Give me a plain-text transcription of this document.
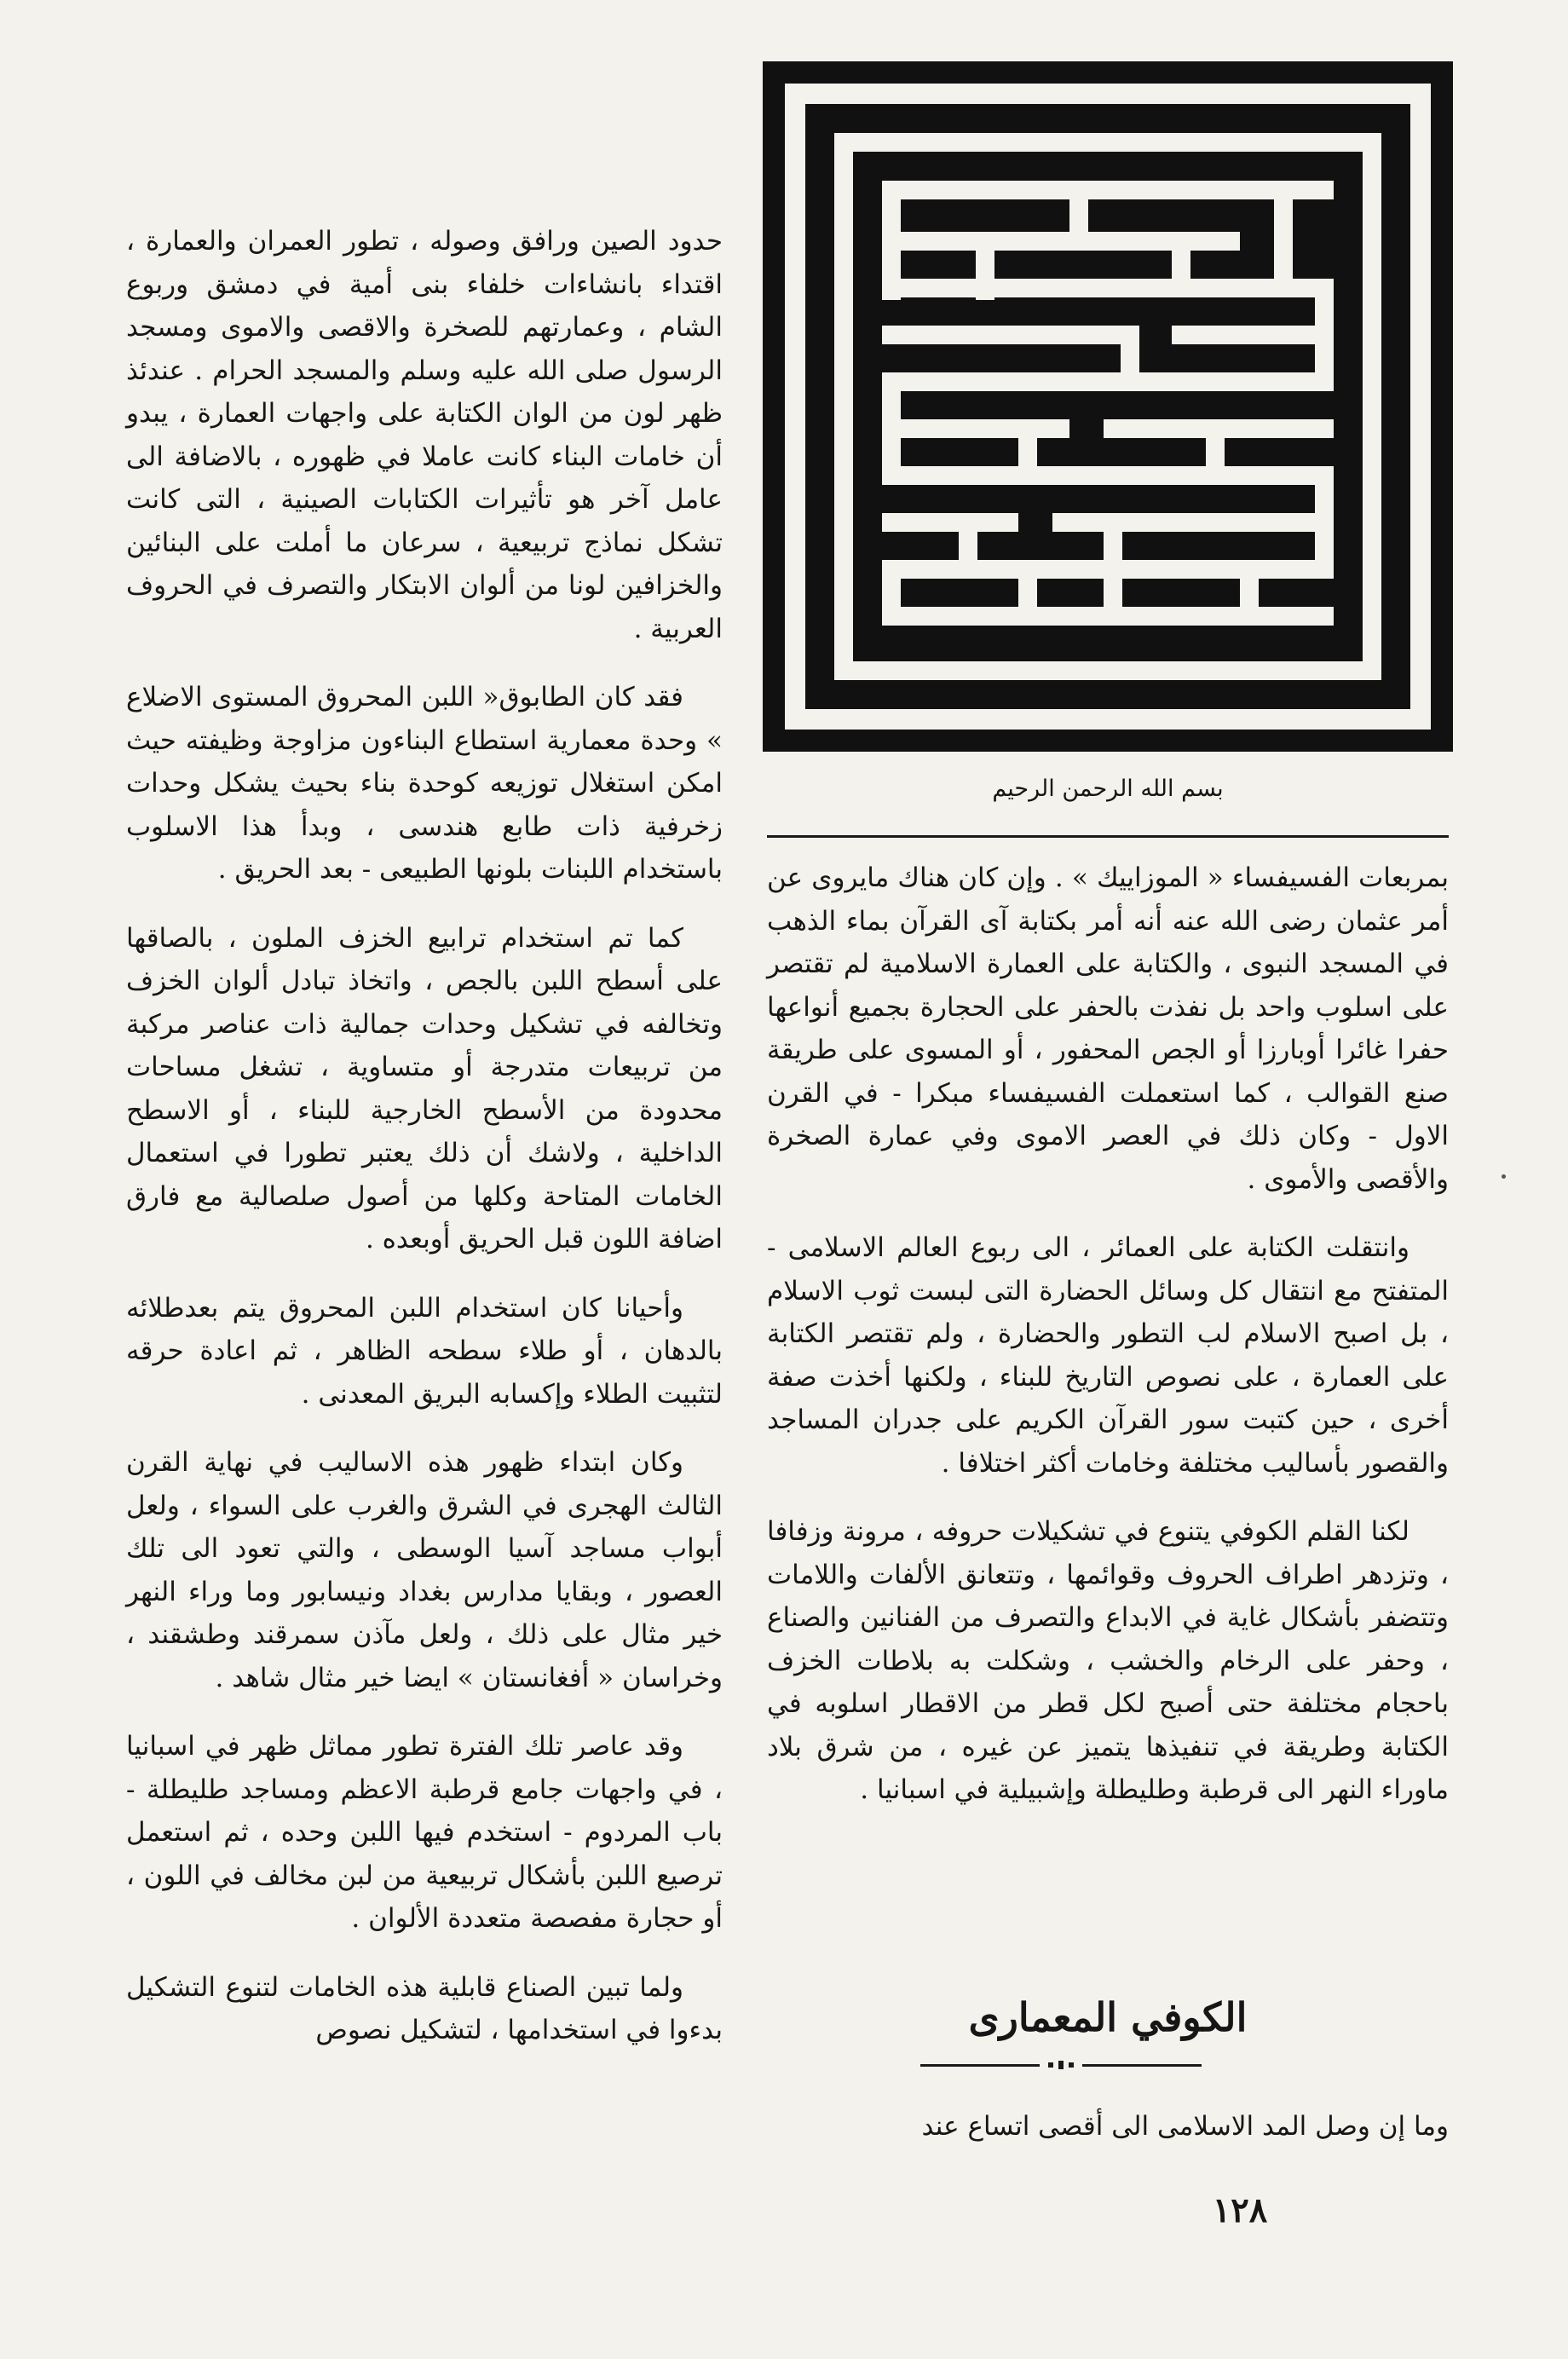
بسم الله الرحمن الرحيم

حدود الصين ورافق وصوله ، تطور العمران والعمارة ، اقتداء بانشاءات خلفاء بنى أمية في دمشق وربوع الشام ، وعمارتهم للصخرة والاقصى والاموى ومسجد الرسول صلى الله عليه وسلم والمسجد الحرام . عندئذ ظهر لون من الوان الكتابة على واجهات العمارة ، يبدو أن خامات البناء كانت عاملا في ظهوره ، بالاضافة الى عامل آخر هو تأثيرات الكتابات الصينية ، التى كانت تشكل نماذج تربيعية ، سرعان ما أملت على البنائين والخزافين لونا من ألوان الابتكار والتصرف في الحروف العربية .

فقد كان الطابوق« اللبن المحروق المستوى الاضلاع » وحدة معمارية استطاع البناءون مزاوجة وظيفته حيث امكن استغلال توزيعه كوحدة بناء بحيث يشكل وحدات زخرفية ذات طابع هندسى ، وبدأ هذا الاسلوب باستخدام اللبنات بلونها الطبيعى - بعد الحريق .

كما تم استخدام ترابيع الخزف الملون ، بالصاقها على أسطح اللبن بالجص ، واتخاذ تبادل ألوان الخزف وتخالفه في تشكيل وحدات جمالية ذات عناصر مركبة من تربيعات متدرجة أو متساوية ، تشغل مساحات محدودة من الأسطح الخارجية للبناء ، أو الاسطح الداخلية ، ولاشك أن ذلك يعتبر تطورا في استعمال الخامات المتاحة وكلها من أصول صلصالية مع فارق اضافة اللون قبل الحريق أوبعده .

وأحيانا كان استخدام اللبن المحروق يتم بعدطلائه بالدهان ، أو طلاء سطحه الظاهر ، ثم اعادة حرقه لتثبيت الطلاء وإكسابه البريق المعدنى .

وكان ابتداء ظهور هذه الاساليب في نهاية القرن الثالث الهجرى في الشرق والغرب على السواء ، ولعل أبواب مساجد آسيا الوسطى ، والتي تعود الى تلك العصور ، وبقايا مدارس بغداد ونيسابور وما وراء النهر خير مثال على ذلك ، ولعل مآذن سمرقند وطشقند ، وخراسان « أفغانستان » ايضا خير مثال شاهد .

وقد عاصر تلك الفترة تطور مماثل ظهر في اسبانيا ، في واجهات جامع قرطبة الاعظم ومساجد طليطلة - باب المردوم - استخدم فيها اللبن وحده ، ثم استعمل ترصيع اللبن بأشكال تربيعية من لبن مخالف في اللون ، أو حجارة مفصصة متعددة الألوان .

ولما تبين الصناع قابلية هذه الخامات لتنوع التشكيل بدءوا في استخدامها ، لتشكيل نصوص

بمربعات الفسيفساء « الموزاييك » . وإن كان هناك مايروى عن أمر عثمان رضى الله عنه أنه أمر بكتابة آى القرآن بماء الذهب في المسجد النبوى ، والكتابة على العمارة الاسلامية لم تقتصر على اسلوب واحد بل نفذت بالحفر على الحجارة بجميع أنواعها حفرا غائرا أوبارزا أو الجص المحفور ، أو المسوى على طريقة صنع القوالب ، كما استعملت الفسيفساء مبكرا - في القرن الاول - وكان ذلك في العصر الاموى وفي عمارة الصخرة والأقصى والأموى .

وانتقلت الكتابة على العمائر ، الى ربوع العالم الاسلامى - المتفتح مع انتقال كل وسائل الحضارة التى لبست ثوب الاسلام ، بل اصبح الاسلام لب التطور والحضارة ، ولم تقتصر الكتابة على العمارة ، على نصوص التاريخ للبناء ، ولكنها أخذت صفة أخرى ، حين كتبت سور القرآن الكريم على جدران المساجد والقصور بأساليب مختلفة وخامات أكثر اختلافا .

لكنا القلم الكوفي يتنوع في تشكيلات حروفه ، مرونة وزفافا ، وتزدهر اطراف الحروف وقوائمها ، وتتعانق الألفات واللامات وتتضفر بأشكال غاية في الابداع والتصرف من الفنانين والصناع ، وحفر على الرخام والخشب ، وشكلت به بلاطات الخزف باحجام مختلفة حتى أصبح لكل قطر من الاقطار اسلوبه في الكتابة وطريقة في تنفيذها يتميز عن غيره ، من شرق بلاد ماوراء النهر الى قرطبة وطليطلة وإشبيلية في اسبانيا .

الكوفي المعمارى

وما إن وصل المد الاسلامى الى أقصى اتساع عند

١٢٨
